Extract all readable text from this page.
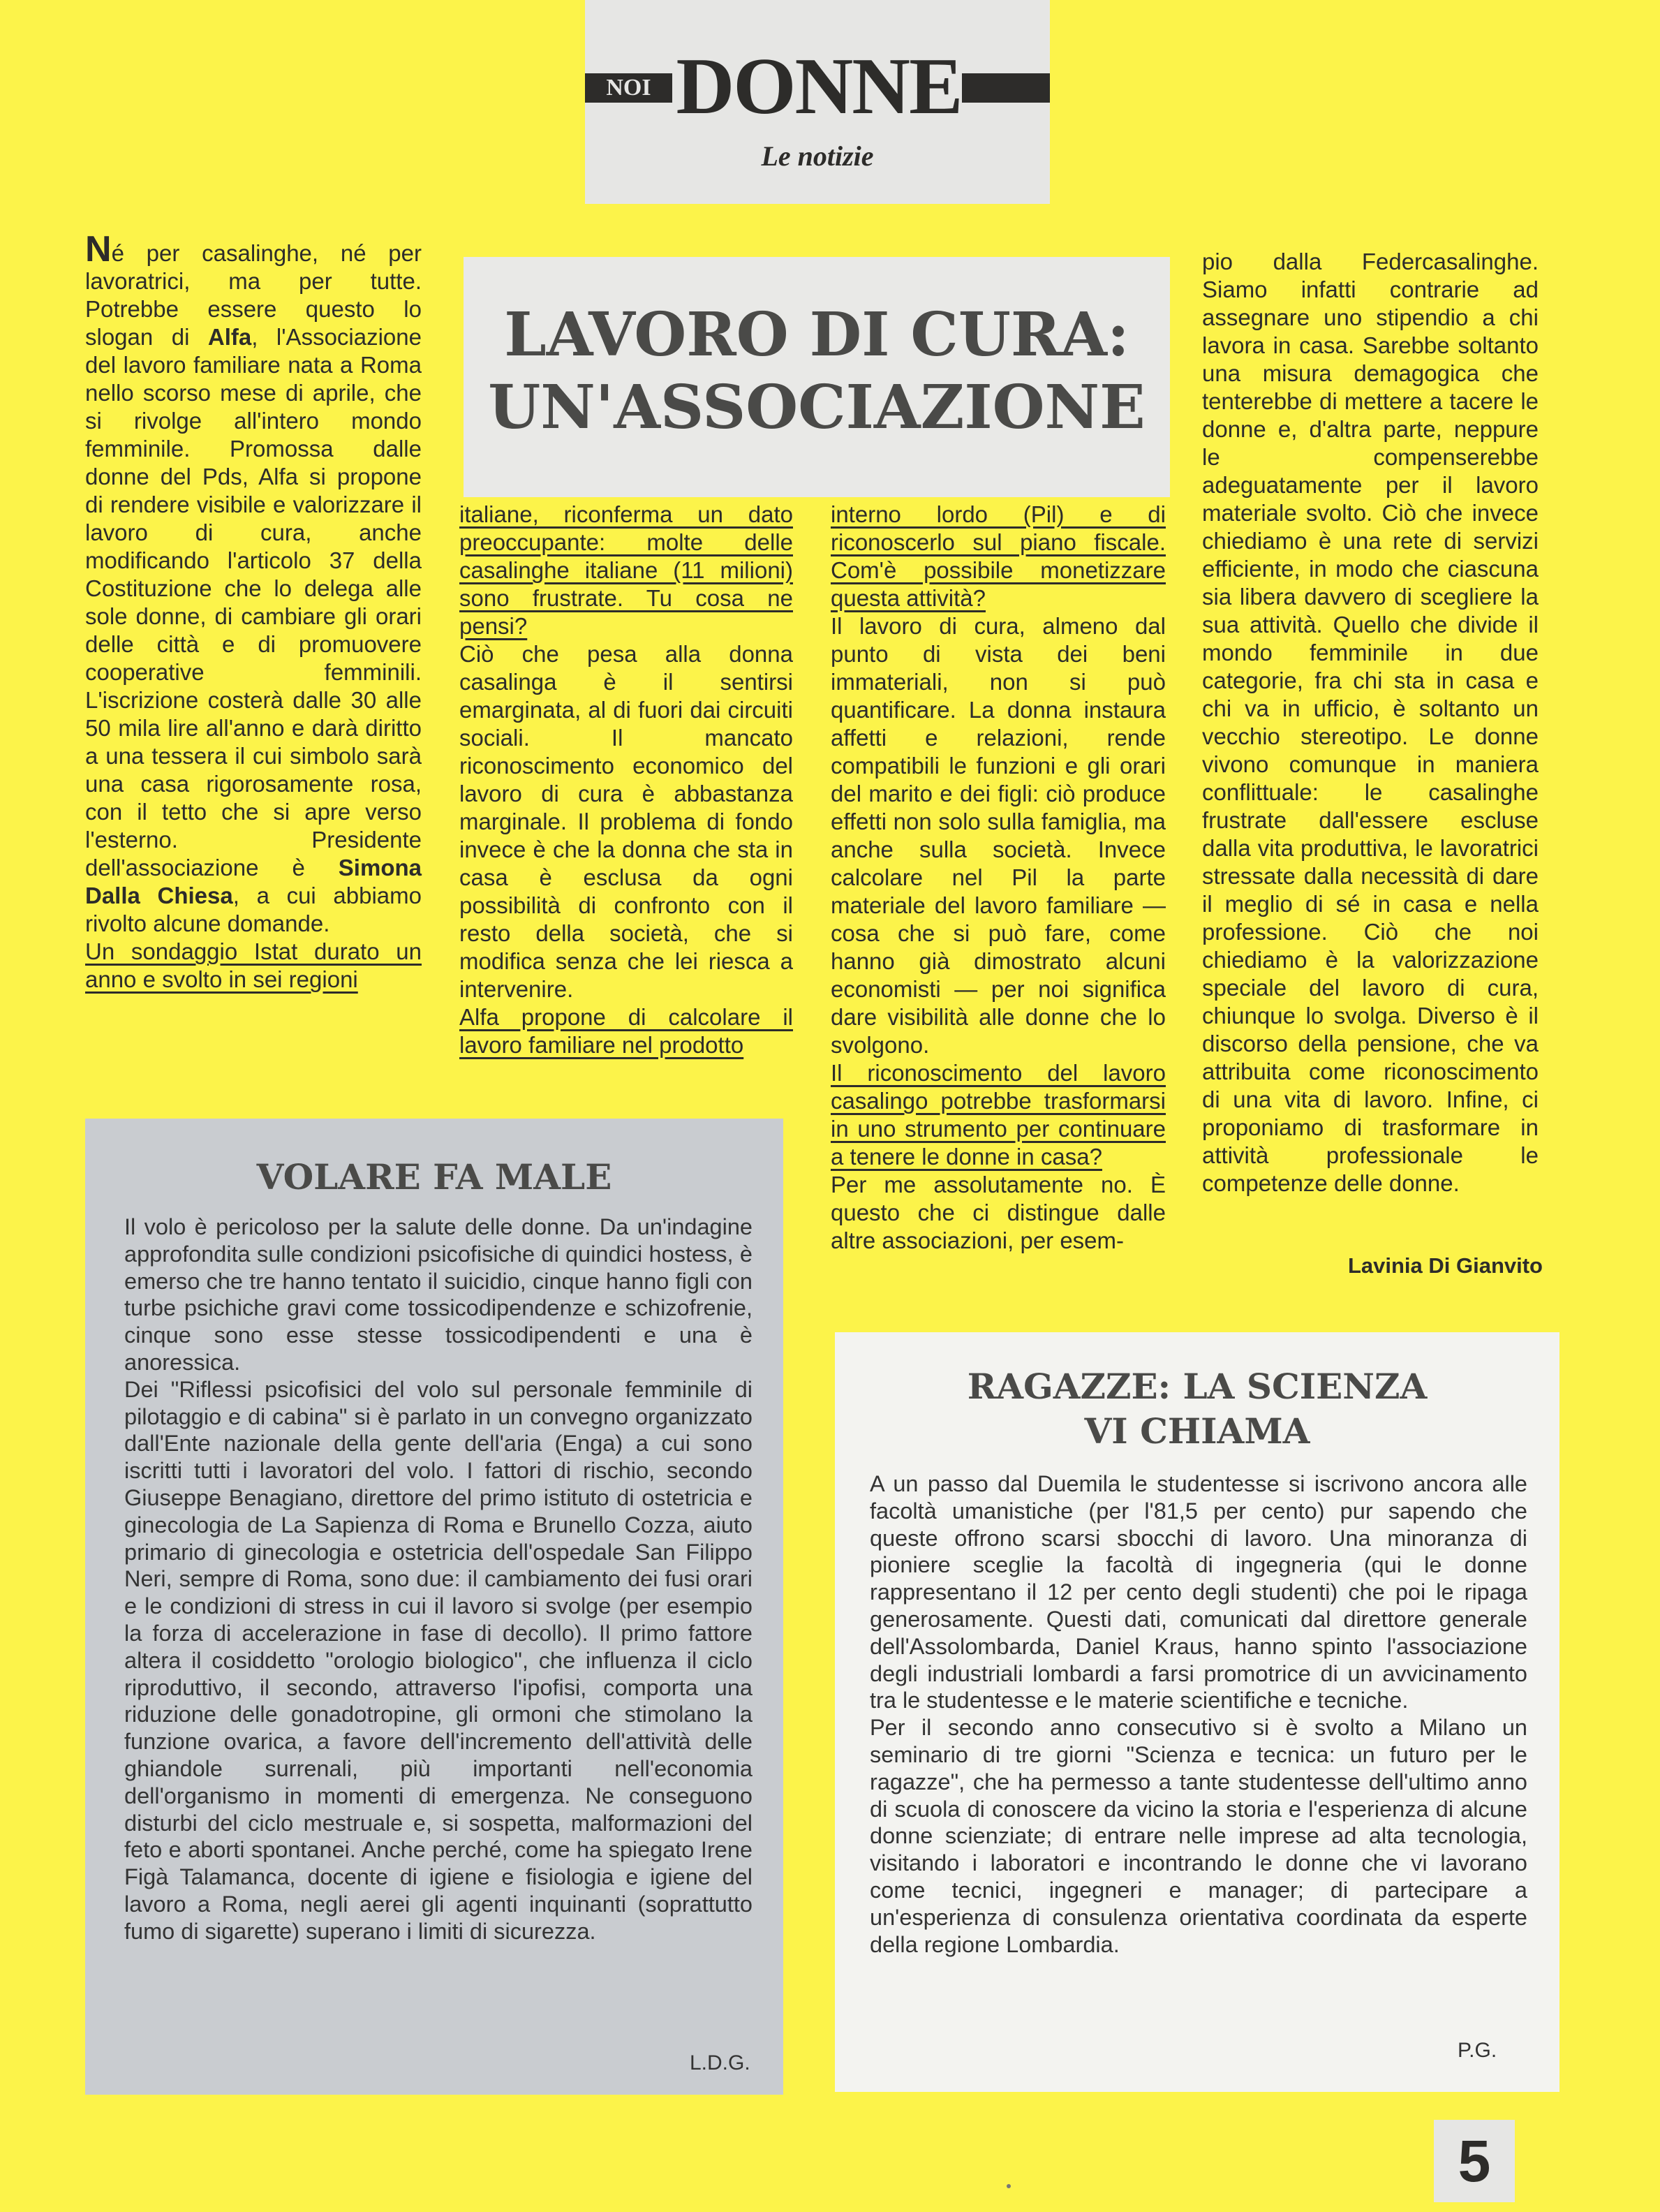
NOI DONNE
Le notizie

Né per casalinghe, né per lavoratrici, ma per tutte. Potrebbe essere questo lo slogan di Alfa, l'Associazione del lavoro familiare nata a Roma nello scorso mese di aprile, che si rivolge all'intero mondo femminile. Promossa dalle donne del Pds, Alfa si propone di rendere visibile e valorizzare il lavoro di cura, anche modificando l'articolo 37 della Costituzione che lo delega alle sole donne, di cambiare gli orari delle città e di promuovere cooperative femminili. L'iscrizione costerà dalle 30 alle 50 mila lire all'anno e darà diritto a una tessera il cui simbolo sarà una casa rigorosamente rosa, con il tetto che si apre verso l'esterno. Presidente dell'associazione è Simona Dalla Chiesa, a cui abbiamo rivolto alcune domande.

Un sondaggio Istat durato un anno e svolto in sei regioni

LAVORO DI CURA:
UN'ASSOCIAZIONE

italiane, riconferma un dato preoccupante: molte delle casalinghe italiane (11 milioni) sono frustrate. Tu cosa ne pensi?

Ciò che pesa alla donna casalinga è il sentirsi emarginata, al di fuori dai circuiti sociali. Il mancato riconoscimento economico del lavoro di cura è abbastanza marginale. Il problema di fondo invece è che la donna che sta in casa è esclusa da ogni possibilità di confronto con il resto della società, che si modifica senza che lei riesca a intervenire.

Alfa propone di calcolare il lavoro familiare nel prodotto

interno lordo (Pil) e di riconoscerlo sul piano fiscale. Com'è possibile monetizzare questa attività?

Il lavoro di cura, almeno dal punto di vista dei beni immateriali, non si può quantificare. La donna instaura affetti e relazioni, rende compatibili le funzioni e gli orari del marito e dei figli: ciò produce effetti non solo sulla famiglia, ma anche sulla società. Invece calcolare nel Pil la parte materiale del lavoro familiare — cosa che si può fare, come hanno già dimostrato alcuni economisti — per noi significa dare visibilità alle donne che lo svolgono.

Il riconoscimento del lavoro casalingo potrebbe trasformarsi in uno strumento per continuare a tenere le donne in casa?

Per me assolutamente no. È questo che ci distingue dalle altre associazioni, per esem-

pio dalla Federcasalinghe. Siamo infatti contrarie ad assegnare uno stipendio a chi lavora in casa. Sarebbe soltanto una misura demagogica che tenterebbe di mettere a tacere le donne e, d'altra parte, neppure le compenserebbe adeguatamente per il lavoro materiale svolto. Ciò che invece chiediamo è una rete di servizi efficiente, in modo che ciascuna sia libera davvero di scegliere la sua attività. Quello che divide il mondo femminile in due categorie, fra chi sta in casa e chi va in ufficio, è soltanto un vecchio stereotipo. Le donne vivono comunque in maniera conflittuale: le casalinghe frustrate dall'essere escluse dalla vita produttiva, le lavoratrici stressate dalla necessità di dare il meglio di sé in casa e nella professione. Ciò che noi chiediamo è la valorizzazione speciale del lavoro di cura, chiunque lo svolga. Diverso è il discorso della pensione, che va attribuita come riconoscimento di una vita di lavoro. Infine, ci proponiamo di trasformare in attività professionale le competenze delle donne.

Lavinia Di Gianvito
VOLARE FA MALE

Il volo è pericoloso per la salute delle donne. Da un'indagine approfondita sulle condizioni psicofisiche di quindici hostess, è emerso che tre hanno tentato il suicidio, cinque hanno figli con turbe psichiche gravi come tossicodipendenze e schizofrenie, cinque sono esse stesse tossicodipendenti e una è anoressica.

Dei "Riflessi psicofisici del volo sul personale femminile di pilotaggio e di cabina" si è parlato in un convegno organizzato dall'Ente nazionale della gente dell'aria (Enga) a cui sono iscritti tutti i lavoratori del volo. I fattori di rischio, secondo Giuseppe Benagiano, direttore del primo istituto di ostetricia e ginecologia de La Sapienza di Roma e Brunello Cozza, aiuto primario di ginecologia e ostetricia dell'ospedale San Filippo Neri, sempre di Roma, sono due: il cambiamento dei fusi orari e le condizioni di stress in cui il lavoro si svolge (per esempio la forza di accelerazione in fase di decollo). Il primo fattore altera il cosiddetto "orologio biologico", che influenza il ciclo riproduttivo, il secondo, attraverso l'ipofisi, comporta una riduzione delle gonadotropine, gli ormoni che stimolano la funzione ovarica, a favore dell'incremento dell'attività delle ghiandole surrenali, più importanti nell'economia dell'organismo in momenti di emergenza. Ne conseguono disturbi del ciclo mestruale e, si sospetta, malformazioni del feto e aborti spontanei. Anche perché, come ha spiegato Irene Figà Talamanca, docente di igiene e fisiologia e igiene del lavoro a Roma, negli aerei gli agenti inquinanti (soprattutto fumo di sigarette) superano i limiti di sicurezza.

L.D.G.
RAGAZZE: LA SCIENZA
VI CHIAMA

A un passo dal Duemila le studentesse si iscrivono ancora alle facoltà umanistiche (per l'81,5 per cento) pur sapendo che queste offrono scarsi sbocchi di lavoro. Una minoranza di pioniere sceglie la facoltà di ingegneria (qui le donne rappresentano il 12 per cento degli studenti) che poi le ripaga generosamente. Questi dati, comunicati dal direttore generale dell'Assolombarda, Daniel Kraus, hanno spinto l'associazione degli industriali lombardi a farsi promotrice di un avvicinamento tra le studentesse e le materie scientifiche e tecniche.

Per il secondo anno consecutivo si è svolto a Milano un seminario di tre giorni "Scienza e tecnica: un futuro per le ragazze", che ha permesso a tante studentesse dell'ultimo anno di scuola di conoscere da vicino la storia e l'esperienza di alcune donne scienziate; di entrare nelle imprese ad alta tecnologia, visitando i laboratori e incontrando le donne che vi lavorano come tecnici, ingegneri e manager; di partecipare a un'esperienza di consulenza orientativa coordinata da esperte della regione Lombardia.

P.G.
5
